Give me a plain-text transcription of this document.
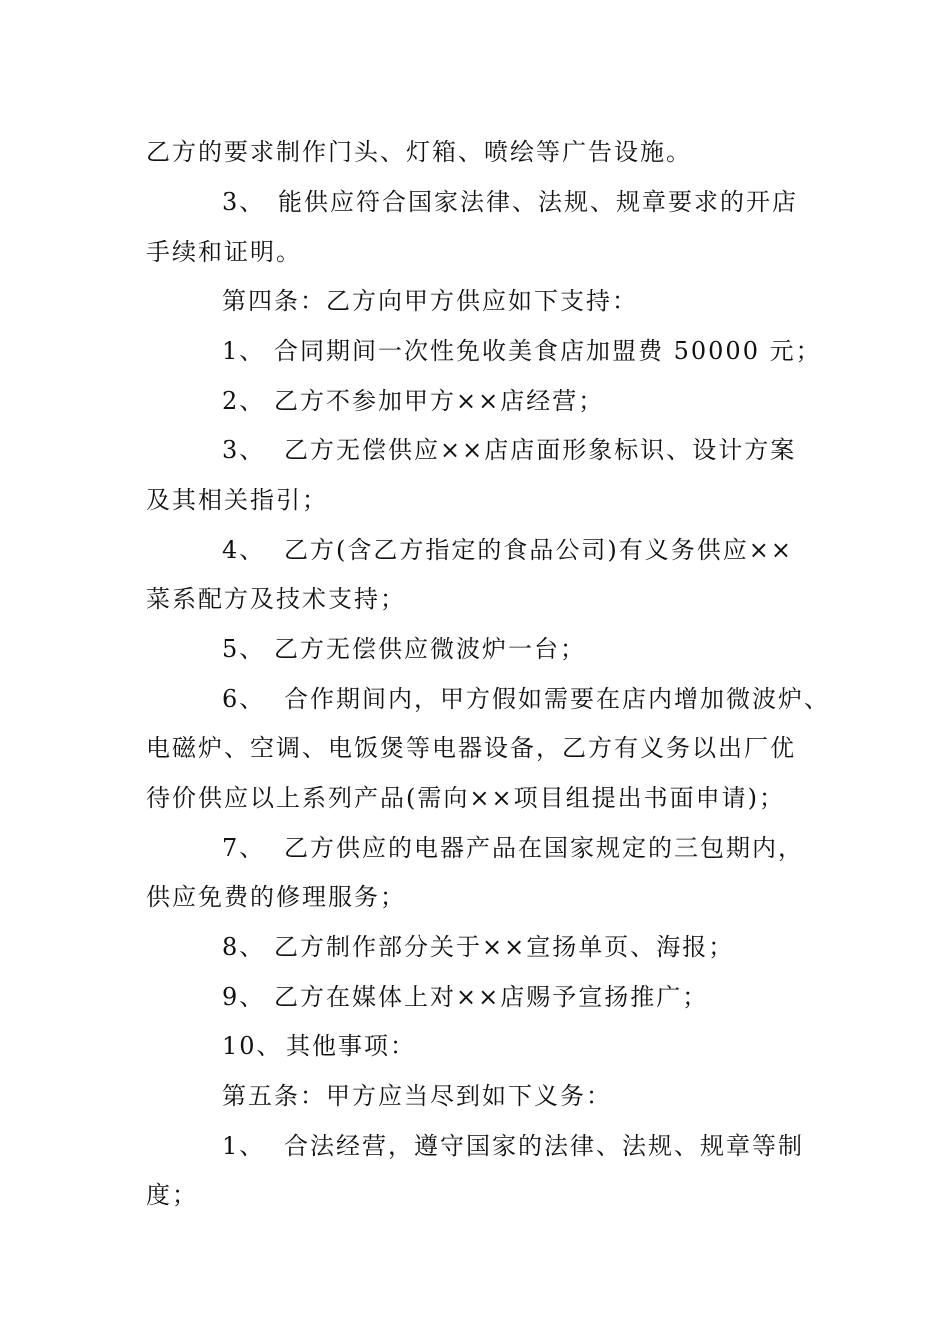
乙方的要求制作门头、灯箱、喷绘等广告设施。
3、 能供应符合国家法律、法规、规章要求的开店
手续和证明。
第四条：乙方向甲方供应如下支持：
1、 合同期间一次性免收美食店加盟费 50000 元；
2、 乙方不参加甲方××店经营；
3、 乙方无偿供应××店店面形象标识、设计方案
及其相关指引；
4、 乙方(含乙方指定的食品公司)有义务供应××
菜系配方及技术支持；
5、 乙方无偿供应微波炉一台；
6、 合作期间内，甲方假如需要在店内增加微波炉、
电磁炉、空调、电饭煲等电器设备，乙方有义务以出厂优
待价供应以上系列产品(需向××项目组提出书面申请)；
7、 乙方供应的电器产品在国家规定的三包期内，
供应免费的修理服务；
8、 乙方制作部分关于××宣扬单页、海报；
9、 乙方在媒体上对××店赐予宣扬推广；
10、 其他事项：
第五条：甲方应当尽到如下义务：
1、 合法经营，遵守国家的法律、法规、规章等制
度；
